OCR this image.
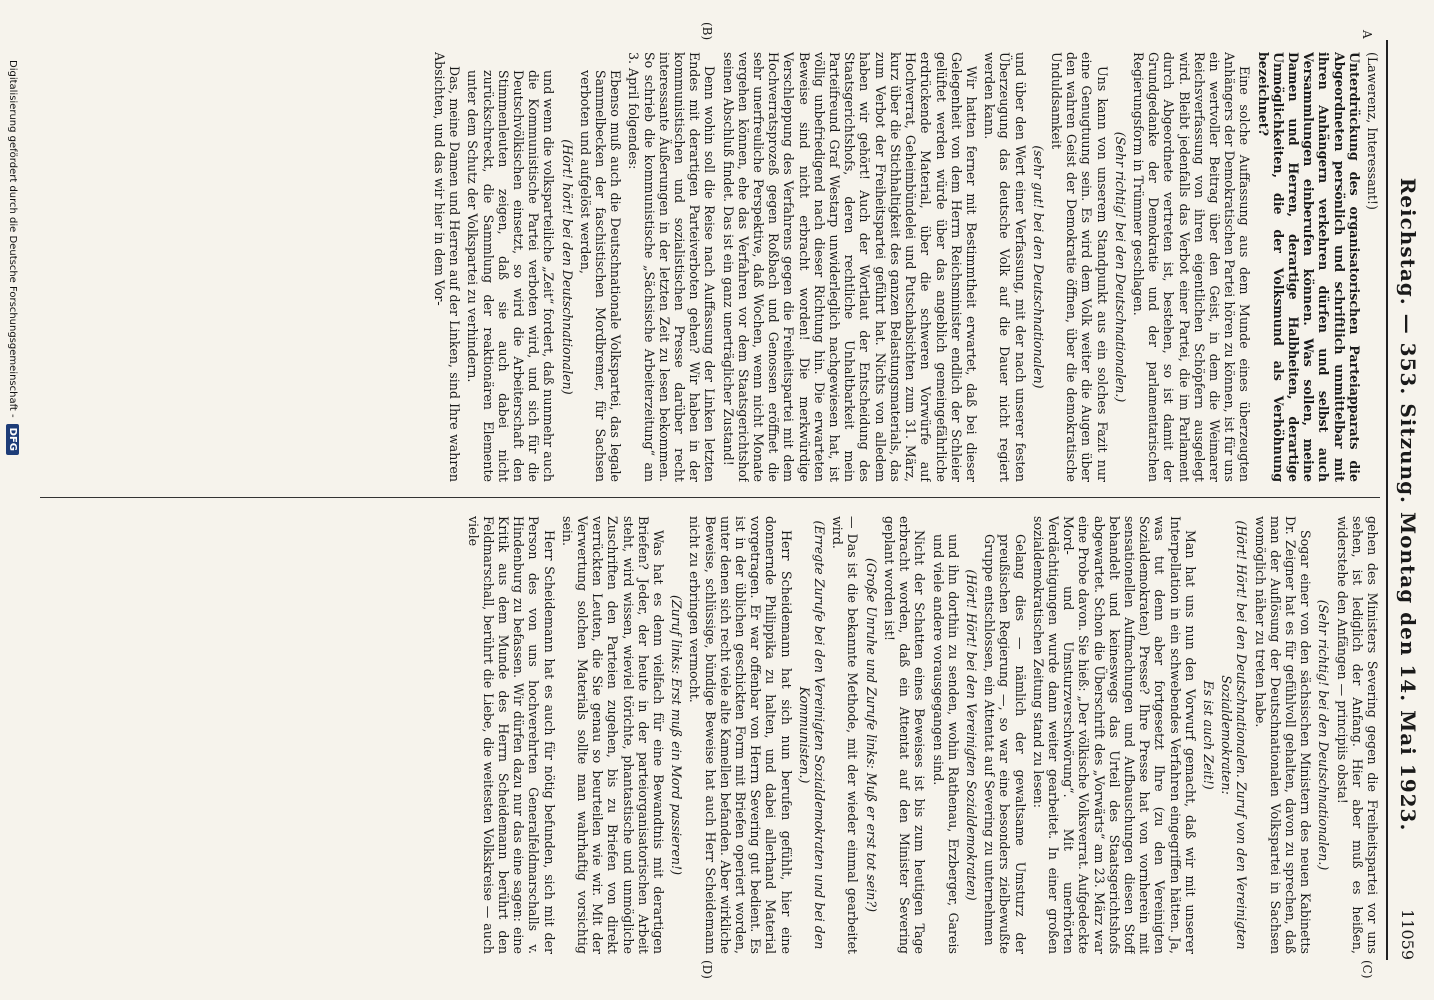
Reichstag. — 353. Sitzung. Montag den 14. Mai 1923.
11059
A
(B)
(C)
(D)

(Lawerenz, Interessant!)

Unterdrückung des organisatorischen Parteiapparats die Abgeordneten persönlich und schriftlich unmittelbar mit ihren Anhängern verkehren dürfen und selbst auch Versammlungen einberufen können. Was sollen, meine Damen und Herren, derartige Halbheiten, derartige Unmöglichkeiten, die der Volksmund als Verhöhnung bezeichnet?

Eine solche Auffassung aus dem Munde eines überzeugten Anhängers der Demokratischen Partei hören zu können, ist für uns ein wertvoller Beitrag über den Geist, in dem die Weimarer Reichsverfassung von ihren eigentlichen Schöpfern ausgelegt wird. Bleibt jedenfalls das Verbot einer Partei, die im Parlament durch Abgeordnete vertreten ist, bestehen, so ist damit der Grundgedanke der Demokratie und der parlamentarischen Regierungsform in Trümmer geschlagen.

(Sehr richtig! bei den Deutschnationalen.)

Uns kann von unserem Standpunkt aus ein solches Fazit nur eine Genugtuung sein. Es wird dem Volk weiter die Augen über den wahren Geist der Demokratie öffnen, über die demokratische Unduldsamkeit

(sehr gut! bei den Deutschnationalen)

und über den Wert einer Verfassung, mit der nach unserer festen Überzeugung das deutsche Volk auf die Dauer nicht regiert werden kann.

Wir hatten ferner mit Bestimmtheit erwartet, daß bei dieser Gelegenheit von dem Herrn Reichsminister endlich der Schleier gelüftet werden würde über das angeblich gemeingefährliche erdrückende Material, über die schweren Vorwürfe auf Hochverrat, Geheimbündelei und Putschabsichten zum 31. März, kurz über die Stichhaltigkeit des ganzen Belastungsmaterials, das zum Verbot der Freiheitspartei geführt hat. Nichts von alledem haben wir gehört! Auch der Wortlaut der Entscheidung des Staatsgerichtshofs, deren rechtliche Unhaltbarkeit mein Parteifreund Graf Westarp unwiderleglich nachgewiesen hat, ist völlig unbefriedigend nach dieser Richtung hin. Die erwarteten Beweise sind nicht erbracht worden! Die merkwürdige Verschleppung des Verfahrens gegen die Freiheitspartei mit dem Hochverratsprozeß gegen Roßbach und Genossen eröffnet die sehr unerfreuliche Perspektive, daß Wochen, wenn nicht Monate vergehen können, ehe das Verfahren vor dem Staatsgerichtshof seinen Abschluß findet. Das ist ein ganz unerträglicher Zustand!

Denn wohin soll die Reise nach Auffassung der Linken letzten Endes mit derartigen Parteiverboten gehen? Wir haben in der kommunistischen und sozialistischen Presse darüber recht interessante Äußerungen in der letzten Zeit zu lesen bekommen. So schrieb die kommunistische „Sächsische Arbeiterzeitung“ am 3. April folgendes:

Ebenso muß auch die Deutschnationale Volkspartei, das legale Sammelbecken der faschistischen Mordbremer, für Sachsen verboten und aufgelöst werden,

(Hört! hört! bei den Deutschnationalen)

und wenn die volksparteiliche „Zeit“ fordert, daß nunmehr auch die Kommunistische Partei verboten wird, und sich für die Deutschvölkischen einsetzt, so wird die Arbeiterschaft den Stimmenleuten zeigen, daß sie auch dabei nicht zurückschreckt, die Sammlung der reaktionären Elemente unter dem Schutz der Volkspartei zu verhindern.

Das, meine Damen und Herren auf der Linken, sind Ihre wahren Absichten, und das wir hier in dem Vor-

gehen des Ministers Severing gegen die Freiheitspartei vor uns sehen, ist lediglich der Anfang. Hier aber muß es heißen, widerstehe den Anfängen — principiis obsta!

(Sehr richtig! bei den Deutschnationalen.)

Sogar einer von den sächsischen Ministern des neuen Kabinetts Dr. Zeigner hat es für gefühlvoll gehalten, davon zu sprechen, daß man der Auflösung der Deutschnationalen Volkspartei in Sachsen womöglich näher zu treten habe.

(Hört! Hört! bei den Deutschnationalen. Zuruf von den Vereinigten Sozialdemokraten:

Es ist auch Zeit!)

Man hat uns nun den Vorwurf gemacht, daß wir mit unserer Interpellation in ein schwebendes Verfahren eingegriffen hätten. Ja, was tut denn aber fortgesetzt Ihre (zu den Vereinigten Sozialdemokraten) Presse? Ihre Presse hat von vornherein mit sensationellen Aufmachungen und Aufbauschungen diesen Stoff behandelt und keineswegs das Urteil des Staatsgerichtshofs abgewartet. Schon die Überschrift des „Vorwärts“ am 23. März war eine Probe davon. Sie hieß: „Der völkische Volksverrat. Aufgedeckte Mord- und Umsturzverschwörung“. Mit unerhörten Verdächtigungen wurde dann weiter gearbeitet. In einer großen sozialdemokratischen Zeitung stand zu lesen:

Gelang dies — nämlich der gewaltsame Umsturz der preußischen Regierung —, so war eine besonders zielbewußte Gruppe entschlossen, ein Attentat auf Severing zu unternehmen

(Hört! Hört! bei den Vereinigten Sozialdemokraten)

und ihn dorthin zu senden, wohin Rathenau, Erzberger, Gareis und viele andere vorausgegangen sind.

Nicht der Schatten eines Beweises ist bis zum heutigen Tage erbracht worden, daß ein Attentat auf den Minister Severing geplant worden ist!

(Große Unruhe und Zurufe links: Muß er erst tot sein?)

— Das ist die bekannte Methode, mit der wieder einmal gearbeitet wird.

(Erregte Zurufe bei den Vereinigten Sozialdemokraten und bei den Kommunisten.)

Herr Scheidemann hat sich nun berufen gefühlt, hier eine donnernde Philippika zu halten, und dabei allerhand Material vorgetragen. Er war offenbar von Herrn Severing gut bedient. Es ist in der üblichen geschickten Form mit Briefen operiert worden, unter denen sich recht viele alte Kamellen befanden. Aber wirkliche Beweise, schlüssige, bündige Beweise hat auch Herr Scheidemann nicht zu erbringen vermocht.

(Zuruf links: Erst muß ein Mord passieren!)

Was hat es denn vielfach für eine Bewandtnis mit derartigen Briefen? Jeder, der heute in der parteiorganisatorischen Arbeit steht, wird wissen, wieviel törichte, phantastische und unmögliche Zuschriften den Parteien zugehen, bis zu Briefen von direkt verrückten Leuten, die Sie genau so beurteilen wie wir. Mit der Verwertung solchen Materials sollte man wahrhaftig vorsichtig sein.

Herr Scheidemann hat es auch für nötig befunden, sich mit der Person des von uns hochverehrten Generalfeldmarschalls v. Hindenburg zu befassen. Wir dürfen dazu nur das eine sagen: eine Kritik aus dem Munde des Herrn Scheidemann berührt den Feldmarschall, berührt die Liebe, die weitesten Volkskreise — auch viele

Digitalisierung gefördert durch die Deutsche Forschungsgemeinschaft -
DFG
